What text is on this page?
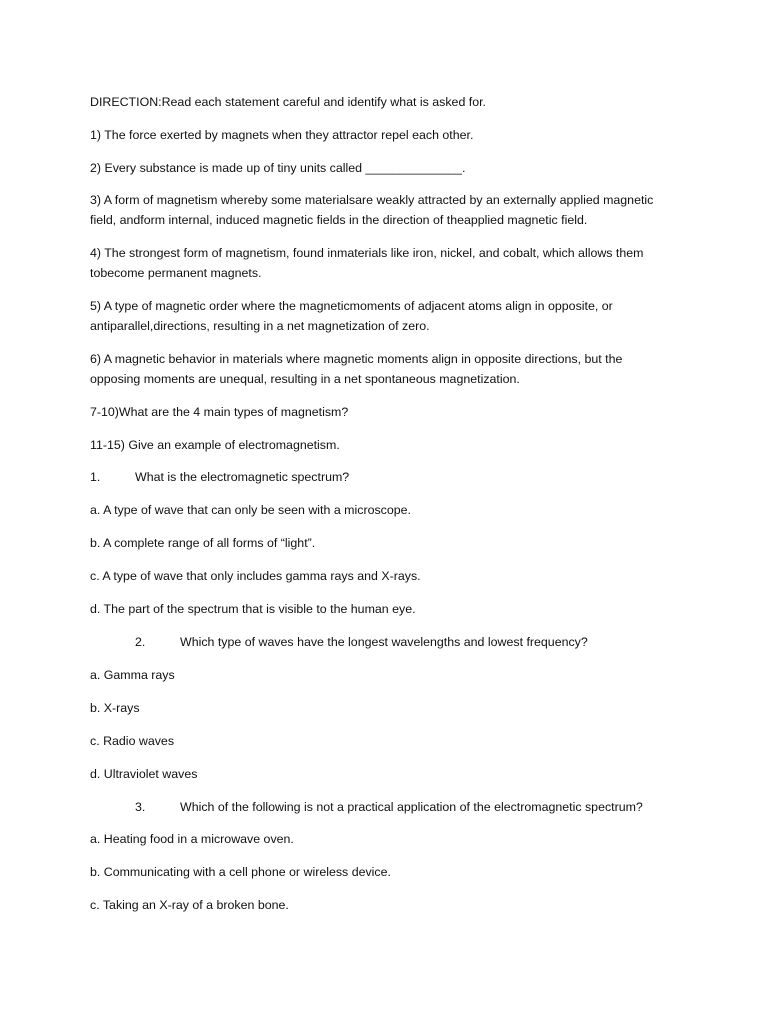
DIRECTION:Read each statement careful and identify what is asked for.

1) The force exerted by magnets when they attractor repel each other.

2) Every substance is made up of tiny units called ______________.

3) A form of magnetism whereby some materialsare weakly attracted by an externally applied magnetic field, andform internal, induced magnetic fields in the direction of theapplied magnetic field.

4) The strongest form of magnetism, found inmaterials like iron, nickel, and cobalt, which allows them tobecome permanent magnets.

5) A type of magnetic order where the magneticmoments of adjacent atoms align in opposite, or antiparallel,directions, resulting in a net magnetization of zero.

6) A magnetic behavior in materials where magnetic moments align in opposite directions, but the opposing moments are unequal, resulting in a net spontaneous magnetization.

7-10)What are the 4 main types of magnetism?

11-15) Give an example of electromagnetism.

1.	What is the electromagnetic spectrum?

a. A type of wave that can only be seen with a microscope.

b. A complete range of all forms of “light”.

c. A type of wave that only includes gamma rays and X-rays.

d. The part of the spectrum that is visible to the human eye.

2.	Which type of waves have the longest wavelengths and lowest frequency?

a. Gamma rays

b. X-rays

c. Radio waves

d. Ultraviolet waves

3.	Which of the following is not a practical application of the electromagnetic spectrum?

a. Heating food in a microwave oven.

b. Communicating with a cell phone or wireless device.

c. Taking an X-ray of a broken bone.
